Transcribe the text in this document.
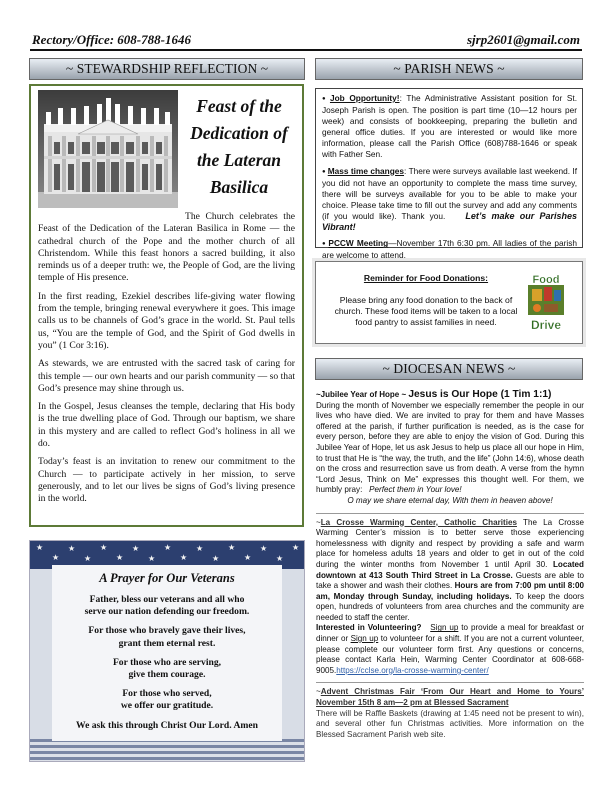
Rectory/Office: 608-788-1646	sjrp2601@gmail.com
~ STEWARDSHIP REFLECTION ~	~ PARISH NEWS ~
~ DIOCESAN NEWS ~
Feast of the
Dedication of
the Lateran
Basilica

The Church celebrates the Feast of the Dedication of the Lateran Basilica in Rome — the cathedral church of the Pope and the mother church of all Christendom. While this feast honors a sacred building, it also reminds us of a deeper truth: we, the People of God, are the living temple of His presence.

In the first reading, Ezekiel describes life-giving water flowing from the temple, bringing renewal everywhere it goes. This image calls us to be channels of God’s grace in the world. St. Paul tells us, “You are the temple of God, and the Spirit of God dwells in you” (1 Cor 3:16).

As stewards, we are entrusted with the sacred task of caring for this temple — our own hearts and our parish community — so that God’s presence may shine through us.

In the Gospel, Jesus cleanses the temple, declaring that His body is the true dwelling place of God. Through our baptism, we share in this mystery and are called to reflect God’s holiness in all we do.

Today’s feast is an invitation to renew our commitment to the Church — to participate actively in her mission, to serve generously, and to let our lives be signs of God’s living presence in the world.

★
★
★
★
★
★
★
★
★
★
★
★
★
★
★
★
★
A Prayer for Our Veterans
Father, bless our veterans and all who
serve our nation defending our freedom.
For those who bravely gave their lives,
grant them eternal rest.
For those who are serving,
give them courage.
For those who served,
we offer our gratitude.
We ask this through Christ Our Lord. Amen
● Job Opportunity!: The Administrative Assistant position for St. Joseph Parish is open. The position is part time (10—12 hours per week) and consists of bookkeeping, preparing the bulletin and general office duties. If you are interested or would like more information, please call the Parish Office (608)788-1646 or speak with Father Sen.
● Mass time changes: There were surveys available last weekend. If you did not have an opportunity to complete the mass time survey, there will be surveys available for you to be able to make your choice. Please take time to fill out the survey and add any comments (if you would like). Thank you. Let’s make our Parishes Vibrant!
● PCCW Meeting—November 17th 6:30 pm. All ladies of the parish are welcome to attend.
Reminder for Food Donations:
Please bring any food donation to the back of
church. These food items will be taken to a local
food pantry to assist families in need.
Food
Drive

~Jubilee Year of Hope ~ Jesus is Our Hope (1 Tim 1:1)
During the month of November we especially remember the people in our lives who have died. We are invited to pray for them and have Masses offered at the parish, if further purification is needed, as is the case for every person, before they are able to enjoy the vision of God. During this Jubilee Year of Hope, let us ask Jesus to help us place all our hope in Him, to trust that He is “the way, the truth, and the life” (John 14:6), whose death on the cross and resurrection save us from death. A verse from the hymn “Lord Jesus, Think on Me” expresses this thought well. For them, we humbly pray: Perfect them in Your love!

O may we share eternal day, With them in heaven above!

~La Crosse Warming Center, Catholic Charities The La Crosse Warming Center’s mission is to better serve those experiencing homelessness with dignity and respect by providing a safe and warm place for homeless adults 18 years and older to get in out of the cold during the winter months from November 1 until April 30. Located downtown at 413 South Third Street in La Crosse. Guests are able to take a shower and wash their clothes. Hours are from 7:00 pm until 8:00 am, Monday through Sunday, including holidays. To keep the doors open, hundreds of volunteers from area churches and the community are needed to staff the center.

Interested in Volunteering? Sign up to provide a meal for breakfast or dinner or Sign up to volunteer for a shift. If you are not a current volunteer, please complete our volunteer form first. Any questions or concerns, please contact Karla Hein, Warming Center Coordinator at 608-668-9005.https://cclse.org/la-crosse-warming-center/

~Advent Christmas Fair ‘From Our Heart and Home to Yours’ November 15th 8 am—2 pm at Blessed Sacrament

There will be Raffle Baskets (drawing at 1:45 need not be present to win), and several other fun Christmas activities. More information on the Blessed Sacrament Parish web site.
